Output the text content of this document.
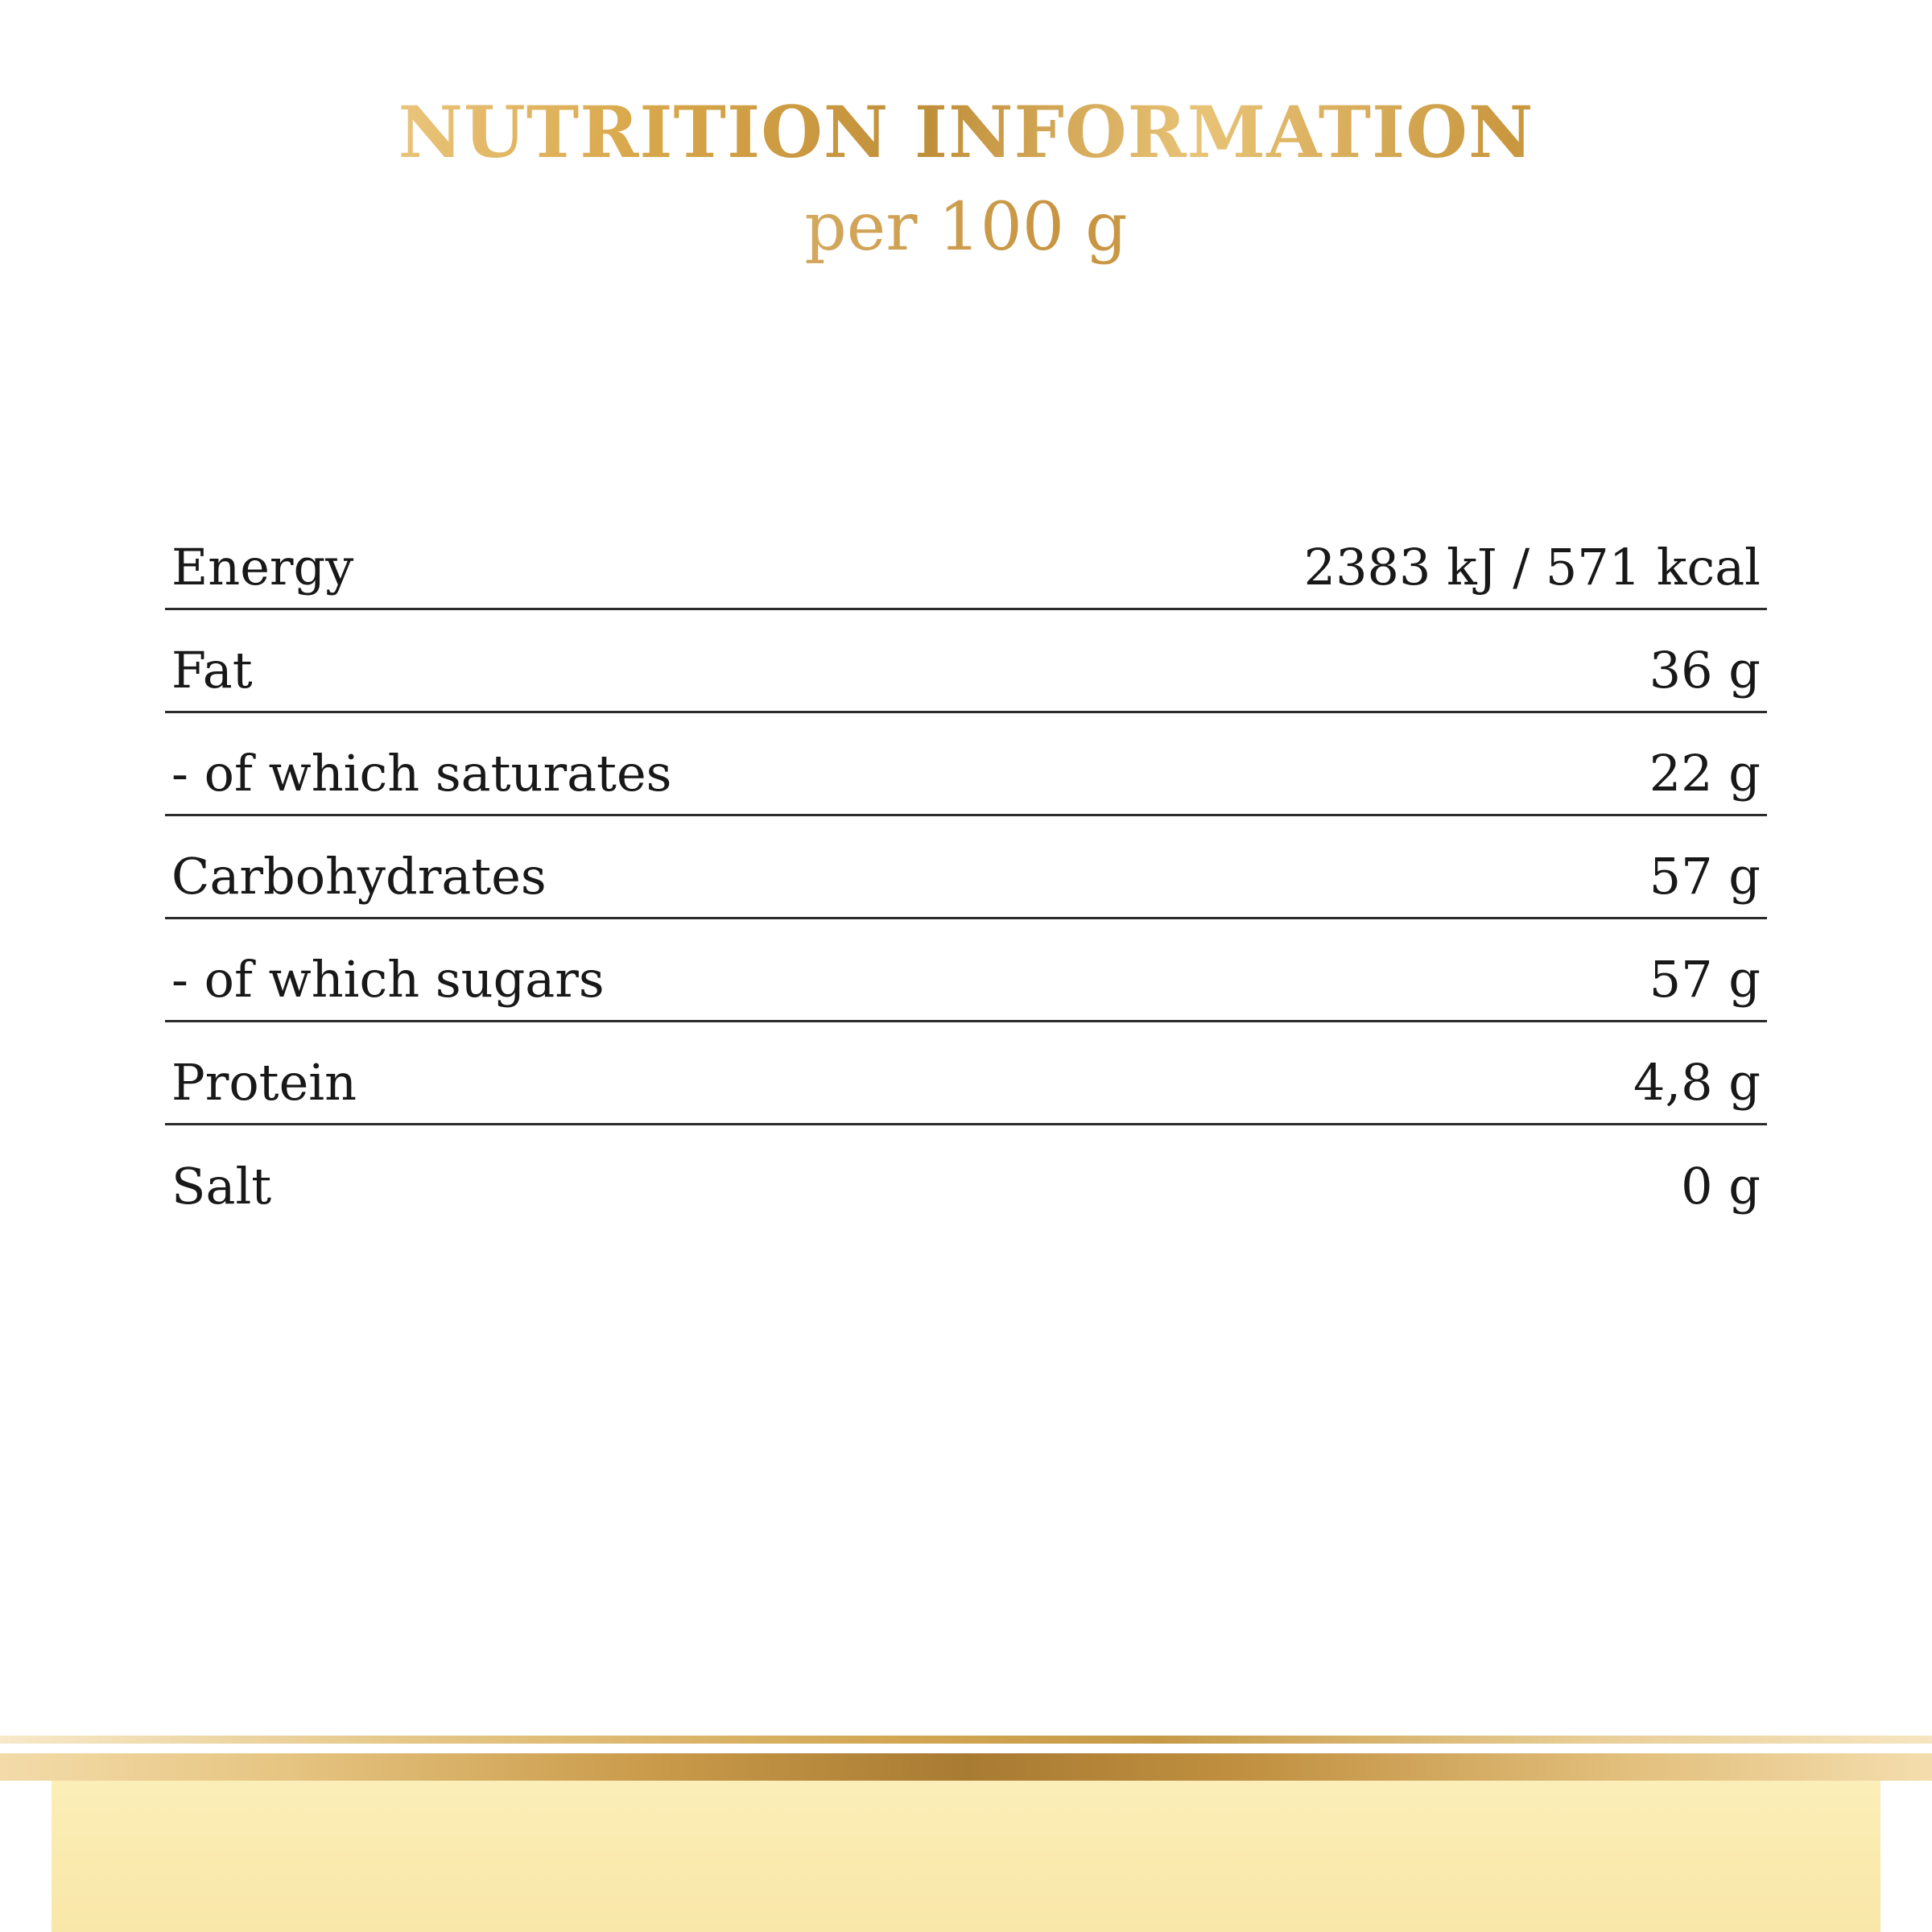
NUTRITION INFORMATION
per 100 g
Energy	2383 kJ / 571 kcal
Fat	36 g
- of which saturates	22 g
Carbohydrates	57 g
- of which sugars	57 g
Protein	4,8 g
Salt	0 g
